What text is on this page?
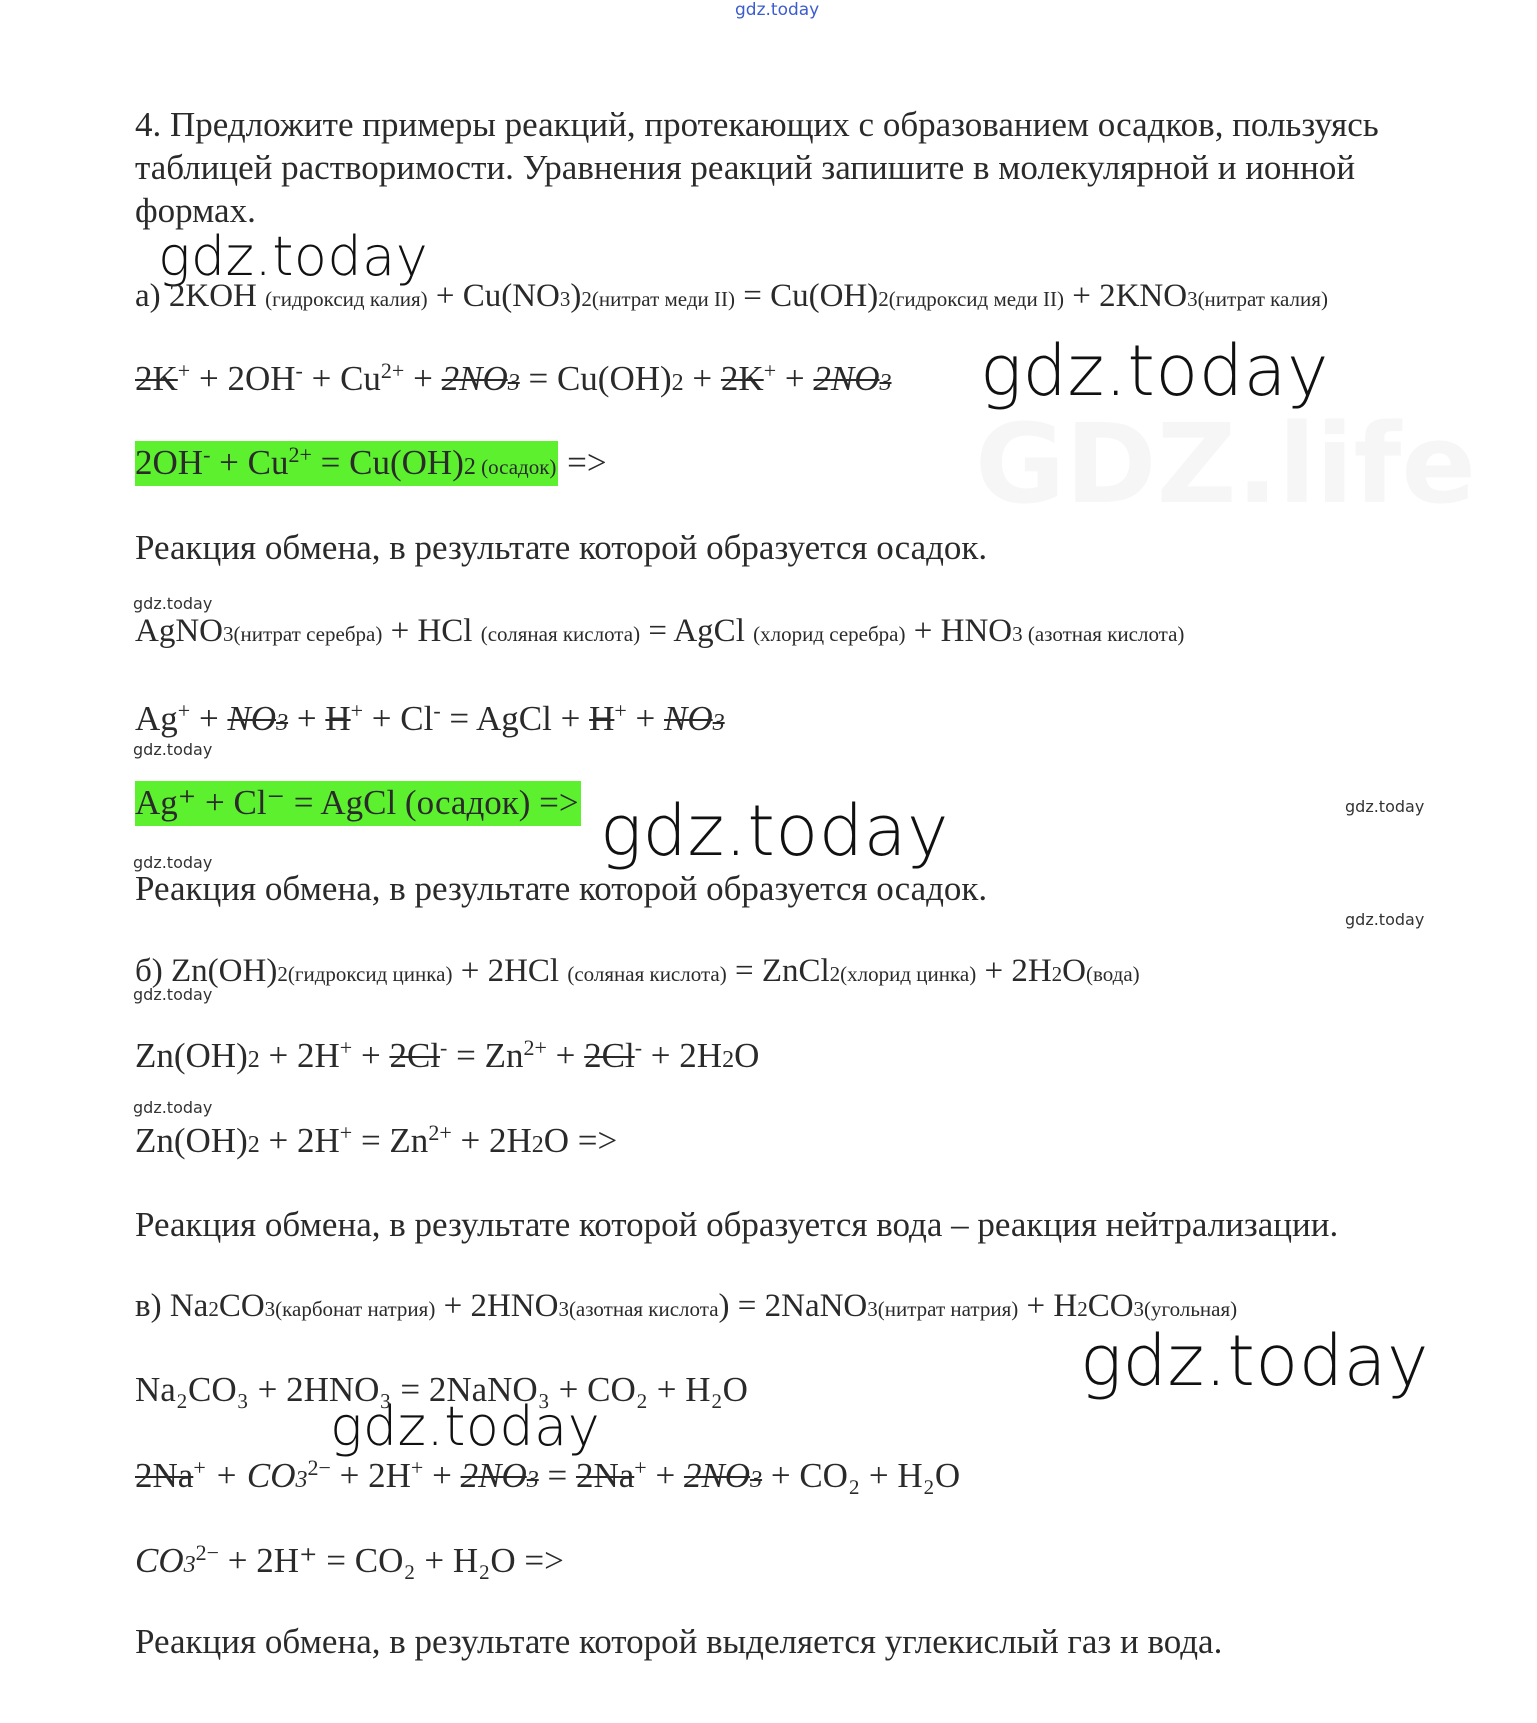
GDZ.life
gdz.today
gdz.today
gdz.today
gdz.today
gdz.today
gdz.today	gdz.today
gdz.today
gdz.today
gdz.today
gdz.today
gdz.today
gdz.today
4. Предложите примеры реакций, протекающих с образованием осадков, пользуясь таблицей растворимости. Уравнения реакций запишите в молекулярной и ионной формах.
а) 2KOH (гидроксид калия) + Cu(NO3)2(нитрат меди II) = Cu(OH)2(гидроксид меди II) + 2KNO3(нитрат калия)
$2K^+ + 2OH^- + Cu^{2+} + 2NO3 = Cu(OH)2 + 2K^+ + 2NO3$
$2OH^- + Cu^{2+} = Cu(OH)2$ (осадок) =>
Реакция обмена, в результате которой образуется осадок.
AgNO3(нитрат серебра) + HCl (соляная кислота) = AgCl (хлорид серебра) + HNO3 (азотная кислота)
Ag+ + NO3 + H+ + Cl- = AgCl + H+ + NO3
Ag⁺ + Cl⁻ = AgCl (осадок) =>
Реакция обмена, в результате которой образуется осадок.
б) Zn(OH)2(гидроксид цинка) + 2HCl (соляная кислота) = ZnCl2(хлорид цинка) + 2H2O(вода)
$Zn(OH)2 + 2H^+ + 2Cl^- = Zn^{2+} + 2Cl^- + 2H2O$
$Zn(OH)2 + 2H^+ = Zn^{2+} + 2H2O$ =>
Реакция обмена, в результате которой образуется вода – реакция нейтрализации.
в) Na2CO3(карбонат натрия) + 2HNO3(азотная кислота) = 2NaNO3(нитрат натрия) + H2CO3(угольная)
Na₂CO₃ + 2HNO₃ = 2NaNO₃ + CO₂ + H₂O
$2Na^+ + CO3^{2-} + 2H^+ + 2NO3 = 2Na^+ + 2NO3 + CO_2 + H_2O$
$CO3^{2-} + 2H^+ = CO_2 + H_2O$ =>
Реакция обмена, в результате которой выделяется углекислый газ и вода.
